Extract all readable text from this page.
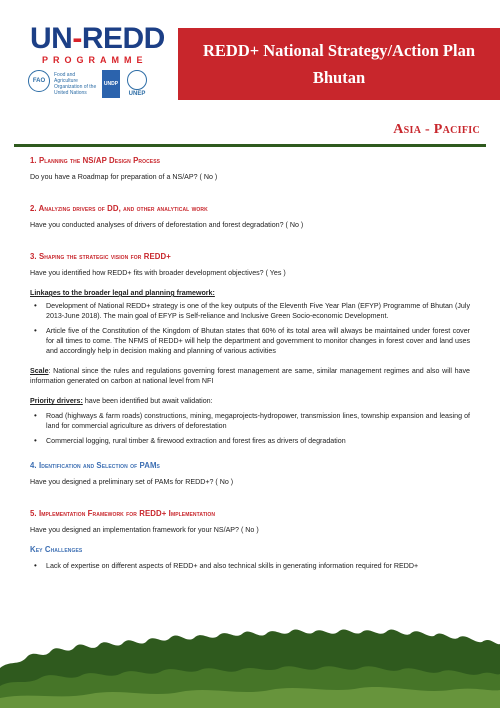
UN-REDD
PROGRAMME
FAO
Food and Agriculture Organization of the United Nations
UNDP
UNEP
REDD+ National Strategy/Action Plan
Bhutan
Asia - Pacific
1. Planning the NS/AP Design Process
Do you have a Roadmap for preparation of a NS/AP? ( No )
2. Analyzing drivers of DD, and other analytical work
Have you conducted analyses of drivers of deforestation and forest degradation? ( No )
3. Shaping the strategic vision for REDD+
Have you identified how REDD+ fits with broader development objectives? ( Yes )
Linkages to the broader legal and planning framework:
• Development of National REDD+ strategy is one of the key outputs of the Eleventh Five Year Plan (EFYP) Programme of Bhutan (July 2013-June 2018). The main goal of EFYP is Self-reliance and Inclusive Green Socio-economic Development.
• Article five of the Constitution of the Kingdom of Bhutan states that 60% of its total area will always be maintained under forest cover for all times to come. The NFMS of REDD+ will help the department and government to monitor changes in forest cover and land uses and accordingly help in decision making and planning of various activities
Scale: National since the rules and regulations governing forest management are same, similar management regimes and also will have information generated on carbon at national level from NFI
Priority drivers: have been identified but await validation:
• Road (highways & farm roads) constructions, mining, megaprojects-hydropower, transmission lines, township expansion and leasing of land for commercial agriculture as drivers of deforestation
• Commercial logging, rural timber & firewood extraction and forest fires as drivers of degradation
4. Identification and Selection of PAMs
Have you designed a preliminary set of PAMs for REDD+? ( No )
5. Implementation Framework for REDD+ Implementation
Have you designed an implementation framework for your NS/AP? ( No )
Key Challenges
• Lack of expertise on different aspects of REDD+ and also technical skills in generating information required for REDD+
